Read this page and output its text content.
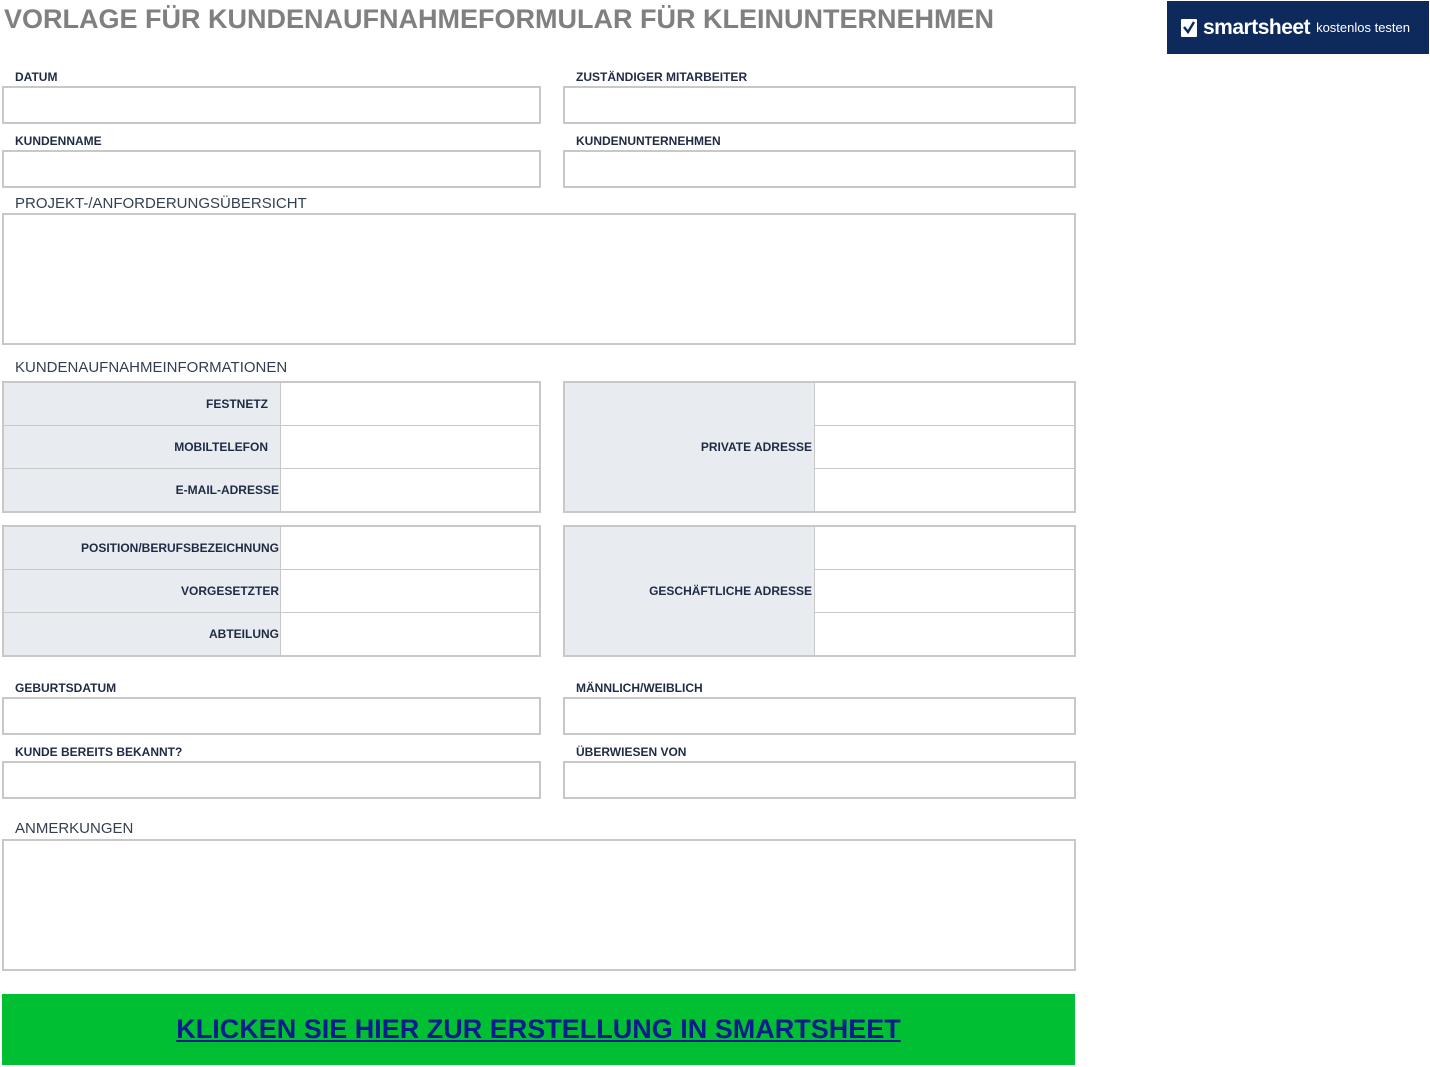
VORLAGE FÜR KUNDENAUFNAHMEFORMULAR FÜR KLEINUNTERNEHMEN	smartsheet kostenlos testen
DATUM	ZUSTÄNDIGER MITARBEITER
KUNDENNAME	KUNDENUNTERNEHMEN
PROJEKT-/ANFORDERUNGSÜBERSICHT
KUNDENAUFNAHMEINFORMATIONEN
FESTNETZ
MOBILTELEFON
E-MAIL-ADRESSE
PRIVATE ADRESSE
POSITION/BERUFSBEZEICHNUNG
VORGESETZTER
ABTEILUNG
GESCHÄFTLICHE ADRESSE
GEBURTSDATUM	MÄNNLICH/WEIBLICH
KUNDE BEREITS BEKANNT?	ÜBERWIESEN VON
ANMERKUNGEN
KLICKEN SIE HIER ZUR ERSTELLUNG IN SMARTSHEET
